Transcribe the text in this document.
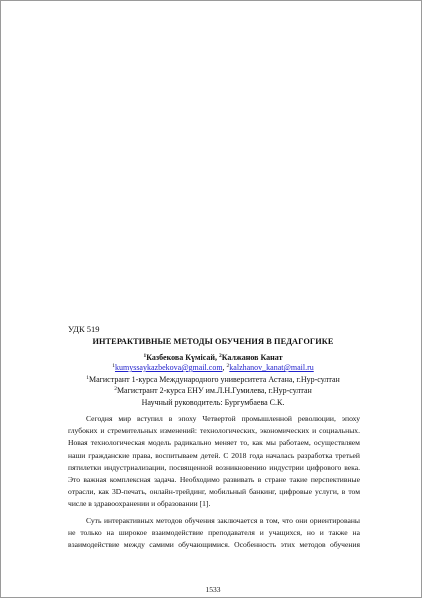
УДК 519
ИНТЕРАКТИВНЫЕ МЕТОДЫ ОБУЧЕНИЯ В ПЕДАГОГИКЕ
$^1$Казбекова Күмісай, $^2$Калжанов Канат
$^1$kumyssaykazbekova@gmail.com, $^2$kalzhanov_kanat@mail.ru
$^1$Магистрант 1-курса Международного университета Астана, г.Нур-султан
$^2$Магистрант 2-курса ЕНУ им.Л.Н.Гумилева, г.Нур-султан
Научный руководитель: Бургумбаева С.К.
Сегодня мир вступил в эпоху Четвертой промышленной революции, эпоху
глубоких и стремительных изменений: технологических, экономических и социальных.
Новая технологическая модель радикально меняет то, как мы работаем, осуществляем
наши гражданские права, воспитываем детей. С 2018 года началась разработка третьей
пятилетки индустриализации, посвященной возникновению индустрии цифрового века.
Это важная комплексная задача. Необходимо развивать в стране такие перспективные
отрасли, как 3D-печать, онлайн-трейдинг, мобильный банкинг, цифровые услуги, в том
числе в здравоохранении и образовании [1].
Суть интерактивных методов обучения заключается в том, что они ориентированы
не только на широкое взаимодействие преподавателя и учащихся, но и также на
взаимодействие между самими обучающимися. Особенность этих методов обучения
1533
